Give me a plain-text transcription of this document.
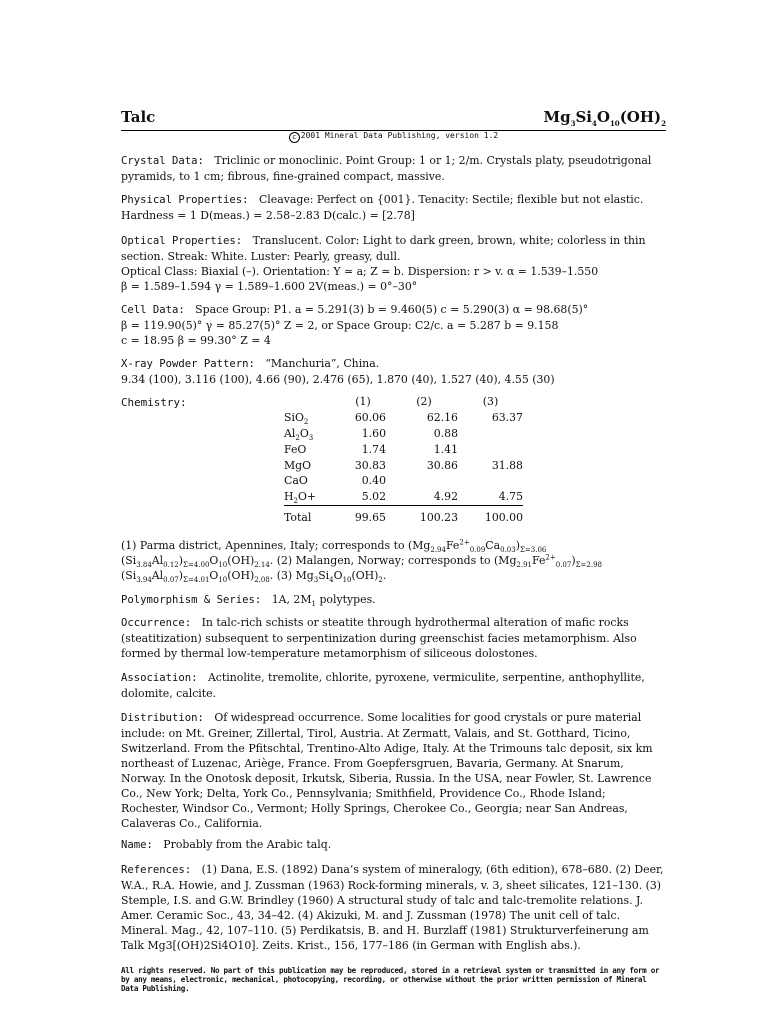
Talc	$Mg_3Si_4O_{10}(OH)_2$
c 2001 Mineral Data Publishing, version 1.2

Crystal Data: Triclinic or monoclinic. Point Group: 1 or 1; 2/m. Crystals platy, pseudotrigonal pyramids, to 1 cm; fibrous, fine-grained compact, massive.

Physical Properties: Cleavage: Perfect on {001}. Tenacity: Sectile; flexible but not elastic. Hardness = 1 D(meas.) = 2.58–2.83 D(calc.) = [2.78]

Optical Properties: Translucent. Color: Light to dark green, brown, white; colorless in thin section. Streak: White. Luster: Pearly, greasy, dull.

Optical Class: Biaxial (–). Orientation: Y ≃ a; Z ≃ b. Dispersion: r > v. α = 1.539–1.550

β = 1.589–1.594 γ = 1.589–1.600 2V(meas.) = 0°–30°

Cell Data: Space Group: P1. a = 5.291(3) b = 9.460(5) c = 5.290(3) α = 98.68(5)°

β = 119.90(5)° γ = 85.27(5)° Z = 2, or Space Group: C2/c. a = 5.287 b = 9.158

c = 18.95 β = 99.30° Z = 4

X-ray Powder Pattern: “Manchuria”, China.

9.34 (100), 3.116 (100), 4.66 (90), 2.476 (65), 1.870 (40), 1.527 (40), 4.55 (30)

Chemistry:
		(1)	(2)	(3)
SiO$_2$	60.06	62.16	63.37
$Al_2O_3$	1.60	0.88	
FeO	1.74	1.41	
MgO	30.83	30.86	31.88
CaO	0.40		
$H_2O+$	5.02	4.92	4.75
Total	99.65	100.23	100.00

(1) Parma district, Apennines, Italy; corresponds to $(Mg_{2.94}Fe^{2+}_{0.09}Ca_{0.03})_{\Sigma=3.06}$ $(Si_{3.84}Al_{0.12})_{\Sigma=4.00}O_{10}(OH)_{2.14}$. (2) Malangen, Norway; corresponds to $(Mg_{2.91}Fe^{2+}_{0.07})_{\Sigma=2.98}$ $(Si_{3.94}Al_{0.07})_{\Sigma=4.01}O_{10}(OH)_{2.08}$. (3) $Mg_3Si_4O_{10}(OH)_2$.

Polymorphism & Series: 1A, $2M_1$ polytypes.

Occurrence: In talc-rich schists or steatite through hydrothermal alteration of mafic rocks (steatitization) subsequent to serpentinization during greenschist facies metamorphism. Also formed by thermal low-temperature metamorphism of siliceous dolostones.

Association: Actinolite, tremolite, chlorite, pyroxene, vermiculite, serpentine, anthophyllite, dolomite, calcite.

Distribution: Of widespread occurrence. Some localities for good crystals or pure material include: on Mt. Greiner, Zillertal, Tirol, Austria. At Zermatt, Valais, and St. Gotthard, Ticino, Switzerland. From the Pfitschtal, Trentino-Alto Adige, Italy. At the Trimouns talc deposit, six km northeast of Luzenac, Ariège, France. From Goepfersgruen, Bavaria, Germany. At Snarum, Norway. In the Onotosk deposit, Irkutsk, Siberia, Russia. In the USA, near Fowler, St. Lawrence Co., New York; Delta, York Co., Pennsylvania; Smithfield, Providence Co., Rhode Island; Rochester, Windsor Co., Vermont; Holly Springs, Cherokee Co., Georgia; near San Andreas, Calaveras Co., California.

Name: Probably from the Arabic talq.

References: (1) Dana, E.S. (1892) Dana’s system of mineralogy, (6th edition), 678–680. (2) Deer, W.A., R.A. Howie, and J. Zussman (1963) Rock-forming minerals, v. 3, sheet silicates, 121–130. (3) Stemple, I.S. and G.W. Brindley (1960) A structural study of talc and talc-tremolite relations. J. Amer. Ceramic Soc., 43, 34–42. (4) Akizuki, M. and J. Zussman (1978) The unit cell of talc. Mineral. Mag., 42, 107–110. (5) Perdikatsis, B. and H. Burzlaff (1981) Strukturverfeinerung am Talk Mg3[(OH)2Si4O10]. Zeits. Krist., 156, 177–186 (in German with English abs.).

All rights reserved. No part of this publication may be reproduced, stored in a retrieval system or transmitted in any form or by any means, electronic, mechanical, photocopying, recording, or otherwise without the prior written permission of Mineral Data Publishing.
